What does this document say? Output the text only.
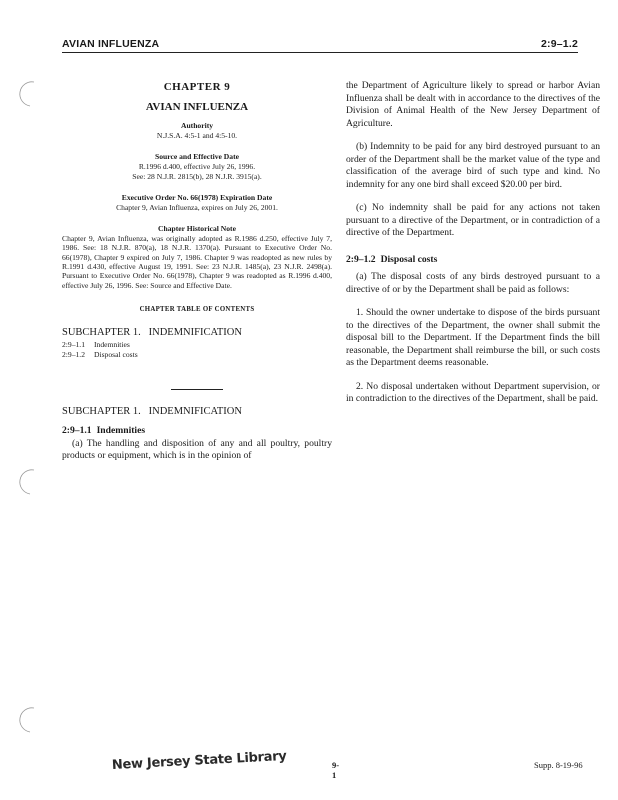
AVIAN INFLUENZA	2:9–1.2

CHAPTER 9

AVIAN INFLUENZA

Authority

N.J.S.A. 4:5-1 and 4:5-10.

Source and Effective Date

R.1996 d.400, effective July 26, 1996.

See: 28 N.J.R. 2815(b), 28 N.J.R. 3915(a).

Executive Order No. 66(1978) Expiration Date

Chapter 9, Avian Influenza, expires on July 26, 2001.

Chapter Historical Note

Chapter 9, Avian Influenza, was originally adopted as R.1986 d.250, effective July 7, 1986. See: 18 N.J.R. 870(a), 18 N.J.R. 1370(a). Pursuant to Executive Order No. 66(1978), Chapter 9 expired on July 7, 1986. Chapter 9 was readopted as new rules by R.1991 d.430, effective August 19, 1991. See: 23 N.J.R. 1485(a), 23 N.J.R. 2498(a). Pursuant to Executive Order No. 66(1978), Chapter 9 was readopted as R.1996 d.400, effective July 26, 1996. See: Source and Effective Date.

CHAPTER TABLE OF CONTENTS

SUBCHAPTER 1.   INDEMNIFICATION

2:9–1.1 Indemnities

2:9–1.2 Disposal costs

SUBCHAPTER 1.   INDEMNIFICATION

2:9–1.1 Indemnities

(a) The handling and disposition of any and all poultry, poultry products or equipment, which is in the opinion of

the Department of Agriculture likely to spread or harbor Avian Influenza shall be dealt with in accordance to the directives of the Division of Animal Health of the New Jersey Department of Agriculture.

(b) Indemnity to be paid for any bird destroyed pursuant to an order of the Department shall be the market value of the type and classification of the average bird of such type and kind. No indemnity for any one bird shall exceed $20.00 per bird.

(c) No indemnity shall be paid for any actions not taken pursuant to a directive of the Department, or in contradiction of a directive of the Department.

2:9–1.2 Disposal costs

(a) The disposal costs of any birds destroyed pursuant to a directive of or by the Department shall be paid as follows:

1. Should the owner undertake to dispose of the birds pursuant to the directives of the Department, the owner shall submit the disposal bill to the Department. If the Department finds the bill reasonable, the Department shall reimburse the bill, or such costs as the Department deems reasonable.

2. No disposal undertaken without Department supervision, or in contradiction to the directives of the Department, shall be paid.

New Jersey State Library	9-1
Supp. 8-19-96
